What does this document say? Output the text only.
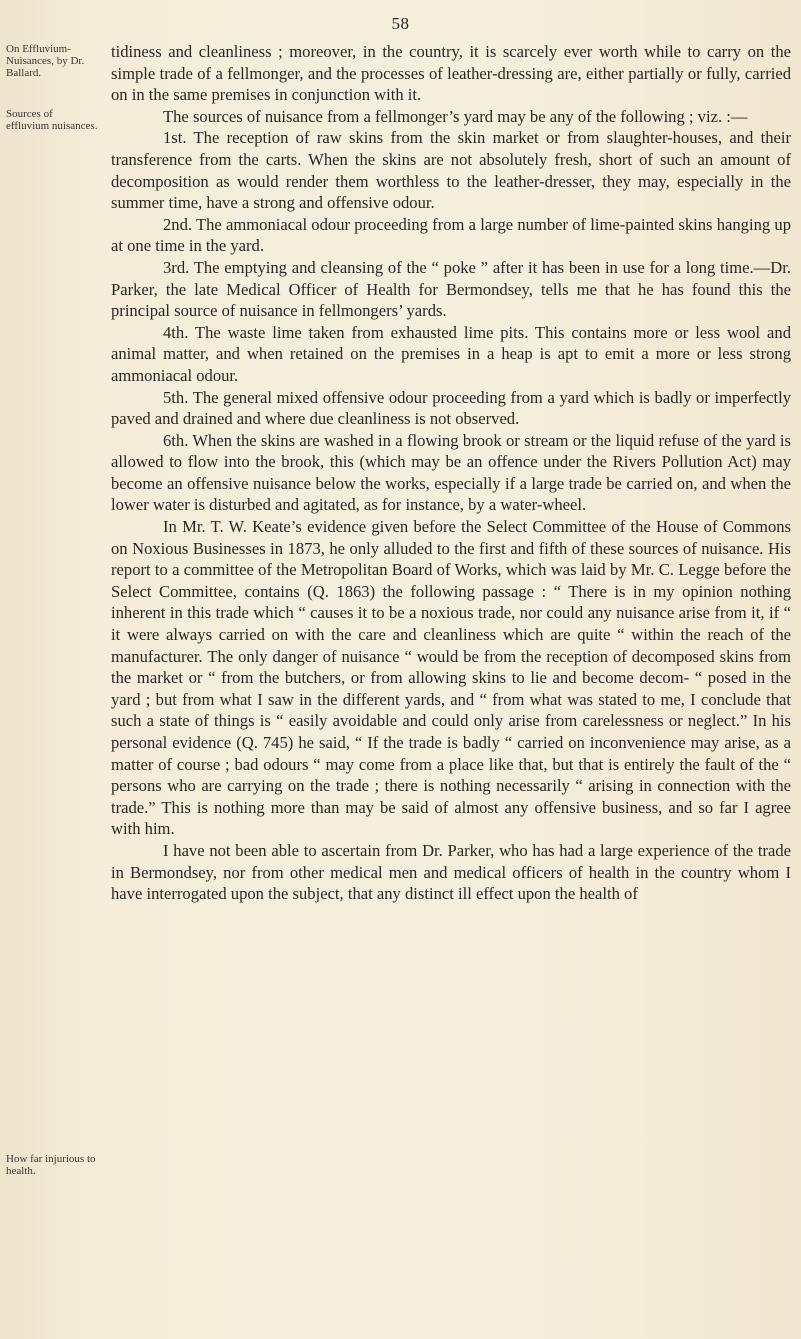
58
On Effluvium-Nuisances, by Dr. Ballard.
Sources of effluvium nuisances.
How far injurious to health.

tidiness and cleanliness ; moreover, in the country, it is scarcely ever worth while to carry on the simple trade of a fellmonger, and the processes of leather-dressing are, either partially or fully, carried on in the same premises in conjunction with it.

The sources of nuisance from a fellmonger’s yard may be any of the following ; viz. :—

1st. The reception of raw skins from the skin market or from slaughter-houses, and their transference from the carts. When the skins are not absolutely fresh, short of such an amount of decomposition as would render them worthless to the leather-dresser, they may, especially in the summer time, have a strong and offensive odour.

2nd. The ammoniacal odour proceeding from a large number of lime-painted skins hanging up at one time in the yard.

3rd. The emptying and cleansing of the “ poke ” after it has been in use for a long time.—Dr. Parker, the late Medical Officer of Health for Bermondsey, tells me that he has found this the principal source of nuisance in fellmongers’ yards.

4th. The waste lime taken from exhausted lime pits. This contains more or less wool and animal matter, and when retained on the premises in a heap is apt to emit a more or less strong ammoniacal odour.

5th. The general mixed offensive odour proceeding from a yard which is badly or imperfectly paved and drained and where due cleanliness is not observed.

6th. When the skins are washed in a flowing brook or stream or the liquid refuse of the yard is allowed to flow into the brook, this (which may be an offence under the Rivers Pollution Act) may become an offensive nuisance below the works, especially if a large trade be carried on, and when the lower water is disturbed and agitated, as for instance, by a water-wheel.

In Mr. T. W. Keate’s evidence given before the Select Committee of the House of Commons on Noxious Businesses in 1873, he only alluded to the first and fifth of these sources of nuisance. His report to a committee of the Metropolitan Board of Works, which was laid by Mr. C. Legge before the Select Committee, contains (Q. 1863) the following passage : “ There is in my opinion nothing inherent in this trade which “ causes it to be a noxious trade, nor could any nuisance arise from it, if “ it were always carried on with the care and cleanliness which are quite “ within the reach of the manufacturer. The only danger of nuisance “ would be from the reception of decomposed skins from the market or “ from the butchers, or from allowing skins to lie and become decom- “ posed in the yard ; but from what I saw in the different yards, and “ from what was stated to me, I conclude that such a state of things is “ easily avoidable and could only arise from carelessness or neglect.” In his personal evidence (Q. 745) he said, “ If the trade is badly “ carried on inconvenience may arise, as a matter of course ; bad odours “ may come from a place like that, but that is entirely the fault of the “ persons who are carrying on the trade ; there is nothing necessarily “ arising in connection with the trade.” This is nothing more than may be said of almost any offensive business, and so far I agree with him.

I have not been able to ascertain from Dr. Parker, who has had a large experience of the trade in Bermondsey, nor from other medical men and medical officers of health in the country whom I have interrogated upon the subject, that any distinct ill effect upon the health of
